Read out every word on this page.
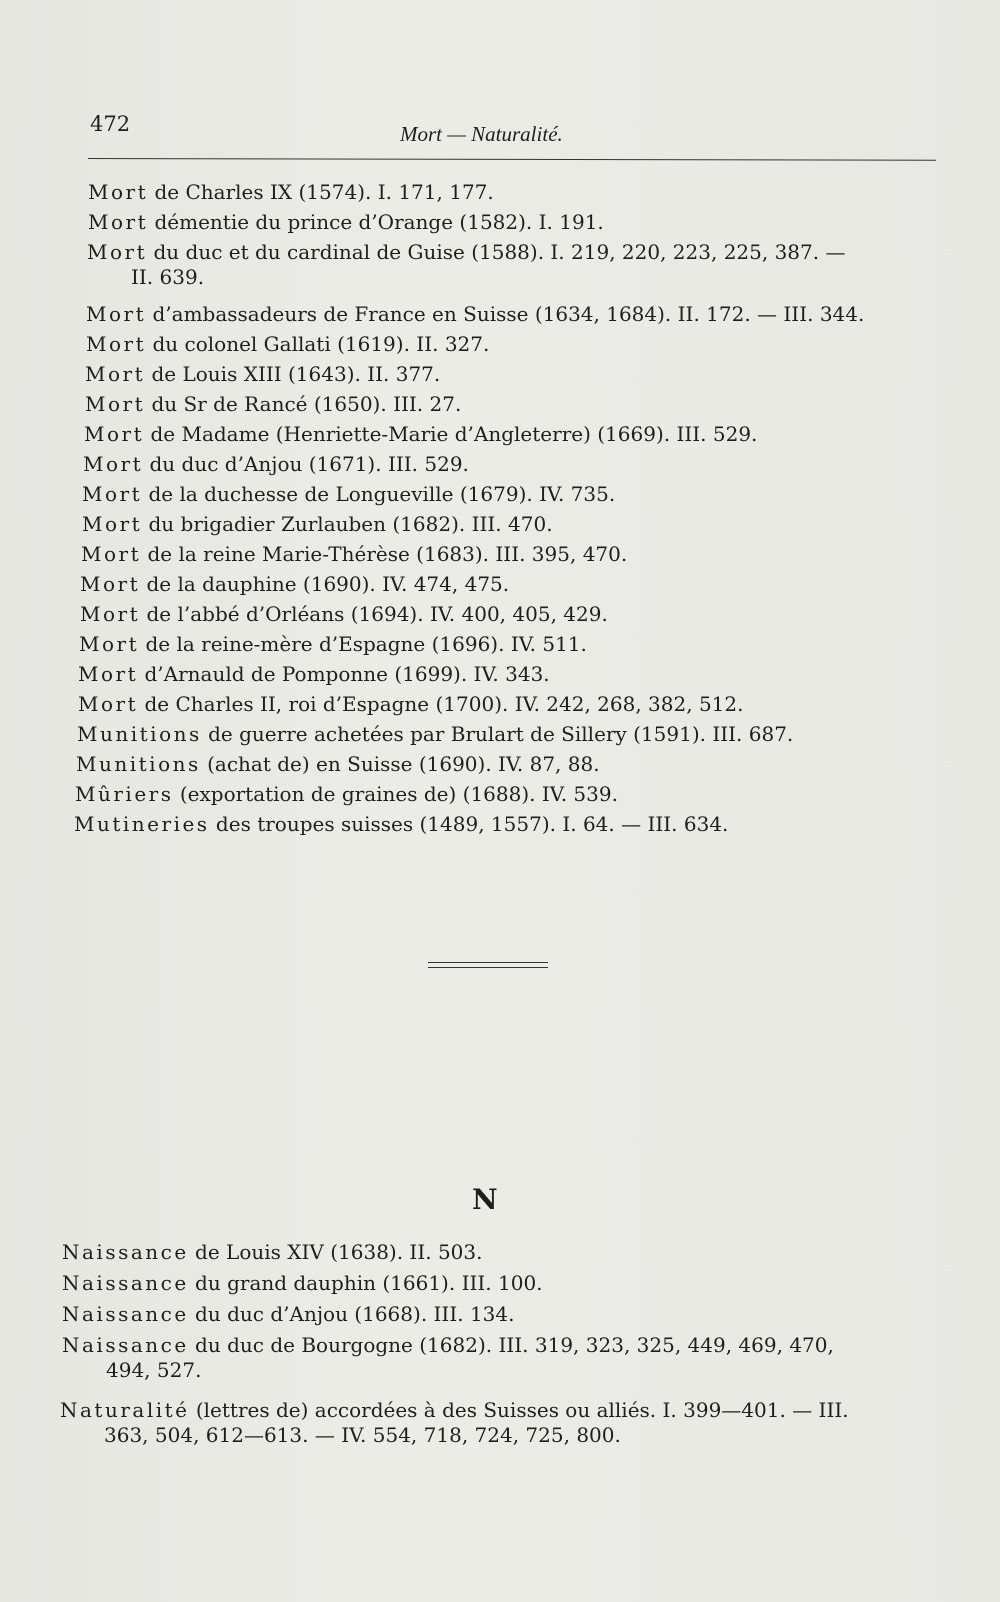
472	Mort — Naturalité.
Mort de Charles IX (1574). I. 171, 177.
Mort démentie du prince d’Orange (1582). I. 191.
Mort du duc et du cardinal de Guise (1588). I. 219, 220, 223, 225, 387. —
II. 639.
Mort d’ambassadeurs de France en Suisse (1634, 1684). II. 172. — III. 344.
Mort du colonel Gallati (1619). II. 327.
Mort de Louis XIII (1643). II. 377.
Mort du Sr de Rancé (1650). III. 27.
Mort de Madame (Henriette-Marie d’Angleterre) (1669). III. 529.
Mort du duc d’Anjou (1671). III. 529.
Mort de la duchesse de Longueville (1679). IV. 735.
Mort du brigadier Zurlauben (1682). III. 470.
Mort de la reine Marie-Thérèse (1683). III. 395, 470.
Mort de la dauphine (1690). IV. 474, 475.
Mort de l’abbé d’Orléans (1694). IV. 400, 405, 429.
Mort de la reine-mère d’Espagne (1696). IV. 511.
Mort d’Arnauld de Pomponne (1699). IV. 343.
Mort de Charles II, roi d’Espagne (1700). IV. 242, 268, 382, 512.
Munitions de guerre achetées par Brulart de Sillery (1591). III. 687.
Munitions (achat de) en Suisse (1690). IV. 87, 88.
Mûriers (exportation de graines de) (1688). IV. 539.
Mutineries des troupes suisses (1489, 1557). I. 64. — III. 634.
N
Naissance de Louis XIV (1638). II. 503.
Naissance du grand dauphin (1661). III. 100.
Naissance du duc d’Anjou (1668). III. 134.
Naissance du duc de Bourgogne (1682). III. 319, 323, 325, 449, 469, 470,
494, 527.
Naturalité (lettres de) accordées à des Suisses ou alliés. I. 399—401. — III.
363, 504, 612—613. — IV. 554, 718, 724, 725, 800.
